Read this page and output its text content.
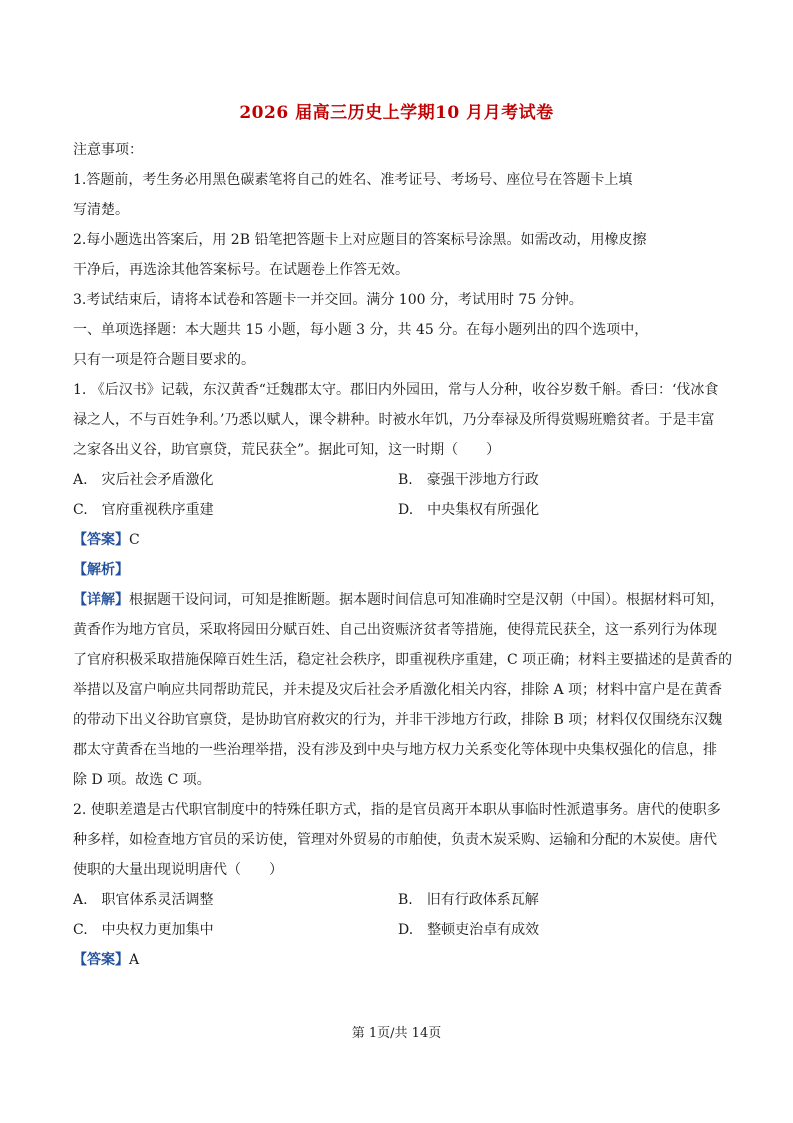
2026 届高三历史上学期10 月月考试卷
注意事项：
1.答题前，考生务必用黑色碳素笔将自己的姓名、准考证号、考场号、座位号在答题卡上填
写清楚。
2.每小题选出答案后，用 2B 铅笔把答题卡上对应题目的答案标号涂黑。如需改动，用橡皮擦
干净后，再选涂其他答案标号。在试题卷上作答无效。
3.考试结束后，请将本试卷和答题卡一并交回。满分 100 分，考试用时 75 分钟。
一、单项选择题：本大题共 15 小题，每小题 3 分，共 45 分。在每小题列出的四个选项中，
只有一项是符合题目要求的。
1. 《后汉书》记载，东汉黄香“迁魏郡太守。郡旧内外园田，常与人分种，收谷岁数千斛。香曰：‘伐冰食
禄之人，不与百姓争利。’乃悉以赋人，课令耕种。时被水年饥，乃分奉禄及所得赏赐班赡贫者。于是丰富
之家各出义谷，助官禀贷，荒民获全”。据此可知，这一时期（　　）
A.　灾后社会矛盾激化	B.　豪强干涉地方行政
C.　官府重视秩序重建	D.　中央集权有所强化
【答案】C
【解析】
【详解】根据题干设问词，可知是推断题。据本题时间信息可知准确时空是汉朝（中国）。根据材料可知，
黄香作为地方官员，采取将园田分赋百姓、自己出资赈济贫者等措施，使得荒民获全，这一系列行为体现
了官府积极采取措施保障百姓生活，稳定社会秩序，即重视秩序重建，C 项正确；材料主要描述的是黄香的
举措以及富户响应共同帮助荒民，并未提及灾后社会矛盾激化相关内容，排除 A 项；材料中富户是在黄香
的带动下出义谷助官禀贷，是协助官府救灾的行为，并非干涉地方行政，排除 B 项；材料仅仅围绕东汉魏
郡太守黄香在当地的一些治理举措，没有涉及到中央与地方权力关系变化等体现中央集权强化的信息，排
除 D 项。故选 C 项。
2. 使职差遣是古代职官制度中的特殊任职方式，指的是官员离开本职从事临时性派遣事务。唐代的使职多
种多样，如检查地方官员的采访使，管理对外贸易的市舶使，负责木炭采购、运输和分配的木炭使。唐代
使职的大量出现说明唐代（　　）
A.　职官体系灵活调整	B.　旧有行政体系瓦解
C.　中央权力更加集中	D.　整顿吏治卓有成效
【答案】A
第 1页/共 14页
